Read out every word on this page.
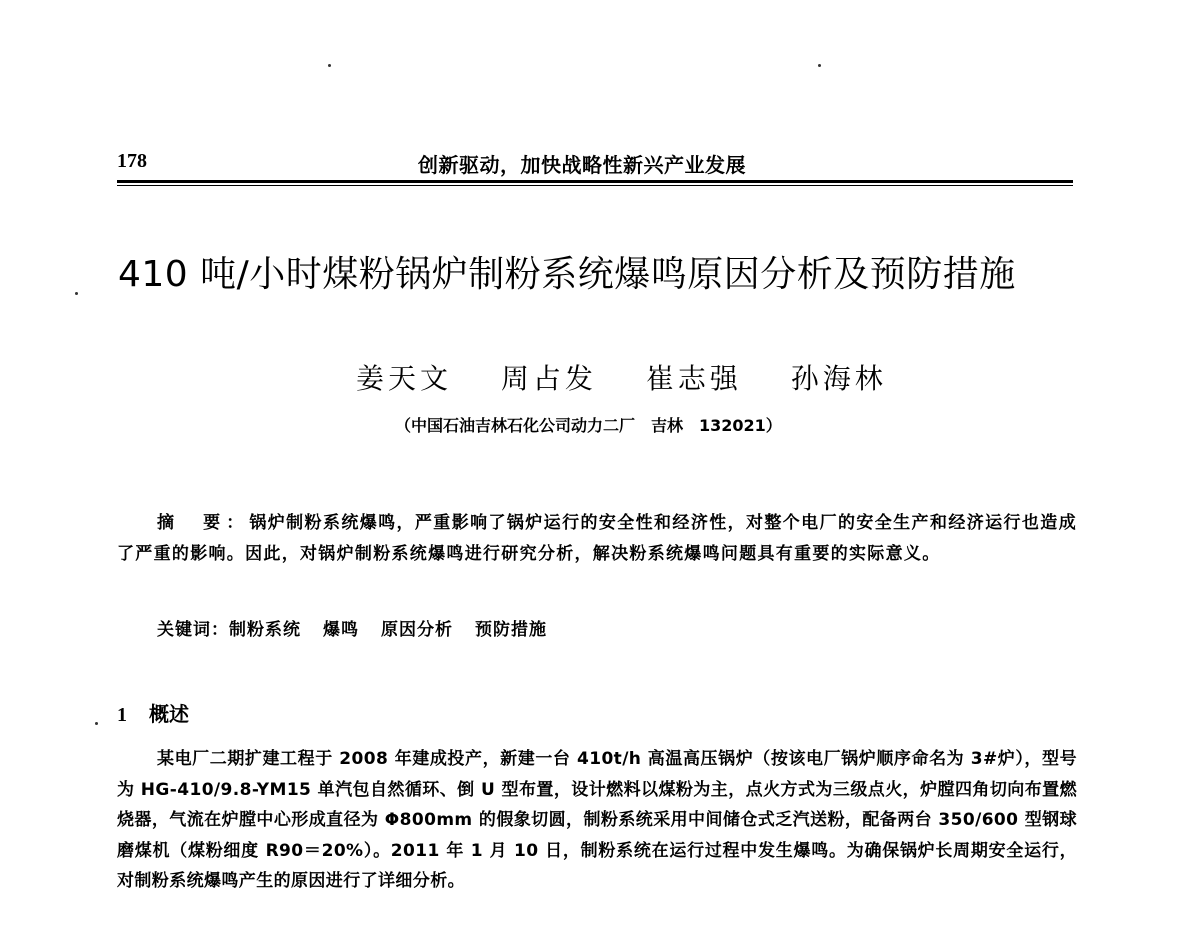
178	创新驱动，加快战略性新兴产业发展
410 吨/小时煤粉锅炉制粉系统爆鸣原因分析及预防措施
姜天文 周占发 崔志强 孙海林
（中国石油吉林石化公司动力二厂　吉林　132021）
摘　要：锅炉制粉系统爆鸣，严重影响了锅炉运行的安全性和经济性，对整个电厂的安全生产和经济运行也造成了严重的影响。因此，对锅炉制粉系统爆鸣进行研究分析，解决粉系统爆鸣问题具有重要的实际意义。
关键词：制粉系统 爆鸣 原因分析 预防措施
1 概述
某电厂二期扩建工程于 2008 年建成投产，新建一台 410t/h 高温高压锅炉（按该电厂锅炉顺序命名为 3#炉），型号为 HG-410/9.8-YM15 单汽包自然循环、倒 U 型布置，设计燃料以煤粉为主，点火方式为三级点火，炉膛四角切向布置燃烧器，气流在炉膛中心形成直径为 Φ800mm 的假象切圆，制粉系统采用中间储仓式乏汽送粉，配备两台 350/600 型钢球磨煤机（煤粉细度 R90＝20%）。2011 年 1 月 10 日，制粉系统在运行过程中发生爆鸣。为确保锅炉长周期安全运行，对制粉系统爆鸣产生的原因进行了详细分析。
